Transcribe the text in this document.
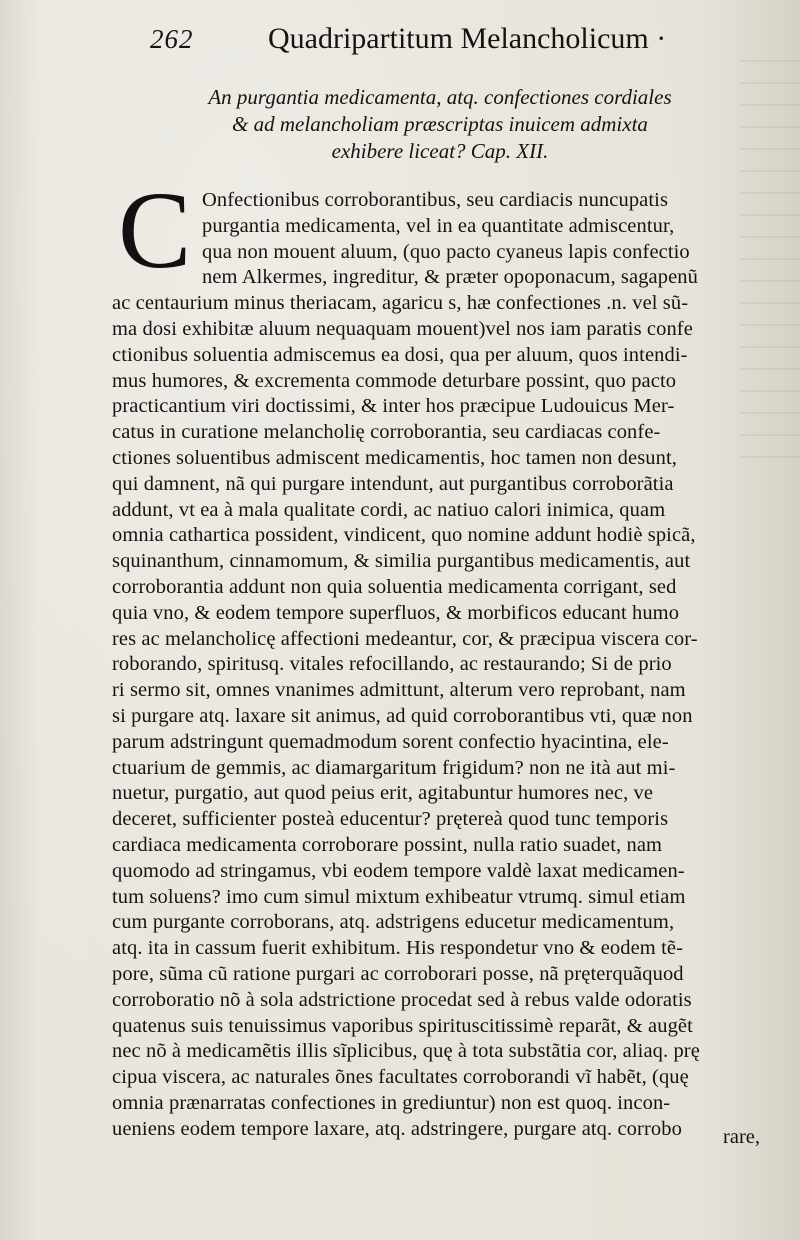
262 Quadripartitum Melancholicum ·
An purgantia medicamenta, atq. confectiones cordiales
& ad melancholiam præscriptas inuicem admixta
exhibere liceat? Cap. XII.
C Onfectionibus corroborantibus, seu cardiacis nuncupatis
purgantia medicamenta, vel in ea quantitate admiscentur,
qua non mouent aluum, (quo pacto cyaneus lapis confectio
nem Alkermes, ingreditur, & præter opoponacum, sagapenũ
ac centaurium minus theriacam, agaricu s, hæ confectiones .n. vel sũ-
ma dosi exhibitæ aluum nequaquam mouent)vel nos iam paratis confe
ctionibus soluentia admiscemus ea dosi, qua per aluum, quos intendi-
mus humores, & excrementa commode deturbare possint, quo pacto
practicantium viri doctissimi, & inter hos præcipue Ludouicus Mer-
catus in curatione melancholię corroborantia, seu cardiacas confe-
ctiones soluentibus admiscent medicamentis, hoc tamen non desunt,
qui damnent, nã qui purgare intendunt, aut purgantibus corroborãtia
addunt, vt ea à mala qualitate cordi, ac natiuo calori inimica, quam
omnia cathartica possident, vindicent, quo nomine addunt hodiè spicã,
squinanthum, cinnamomum, & similia purgantibus medicamentis, aut
corroborantia addunt non quia soluentia medicamenta corrigant, sed
quia vno, & eodem tempore superfluos, & morbificos educant humo
res ac melancholicę affectioni medeantur, cor, & præcipua viscera cor-
roborando, spiritusq. vitales refocillando, ac restaurando; Si de prio
ri sermo sit, omnes vnanimes admittunt, alterum vero reprobant, nam
si purgare atq. laxare sit animus, ad quid corroborantibus vti, quæ non
parum adstringunt quemadmodum sorent confectio hyacintina, ele-
ctuarium de gemmis, ac diamargaritum frigidum? non ne ità aut mi-
nuetur, purgatio, aut quod peius erit, agitabuntur humores nec, ve
deceret, sufficienter posteà educentur? prętereà quod tunc temporis
cardiaca medicamenta corroborare possint, nulla ratio suadet, nam
quomodo ad stringamus, vbi eodem tempore valdè laxat medicamen-
tum soluens? imo cum simul mixtum exhibeatur vtrumq. simul etiam
cum purgante corroborans, atq. adstrigens educetur medicamentum,
atq. ita in cassum fuerit exhibitum. His respondetur vno & eodem tẽ-
pore, sũma cũ ratione purgari ac corroborari posse, nã pręterquãquod
corroboratio nõ à sola adstrictione procedat sed à rebus valde odoratis
quatenus suis tenuissimus vaporibus spirituscitissimè reparãt, & augẽt
nec nõ à medicamẽtis illis sĩplicibus, quę à tota substãtia cor, aliaq. prę
cipua viscera, ac naturales õnes facultates corroborandi vĩ habẽt, (quę
omnia prænarratas confectiones in grediuntur) non est quoq. incon-
ueniens eodem tempore laxare, atq. adstringere, purgare atq. corrobo rare,
